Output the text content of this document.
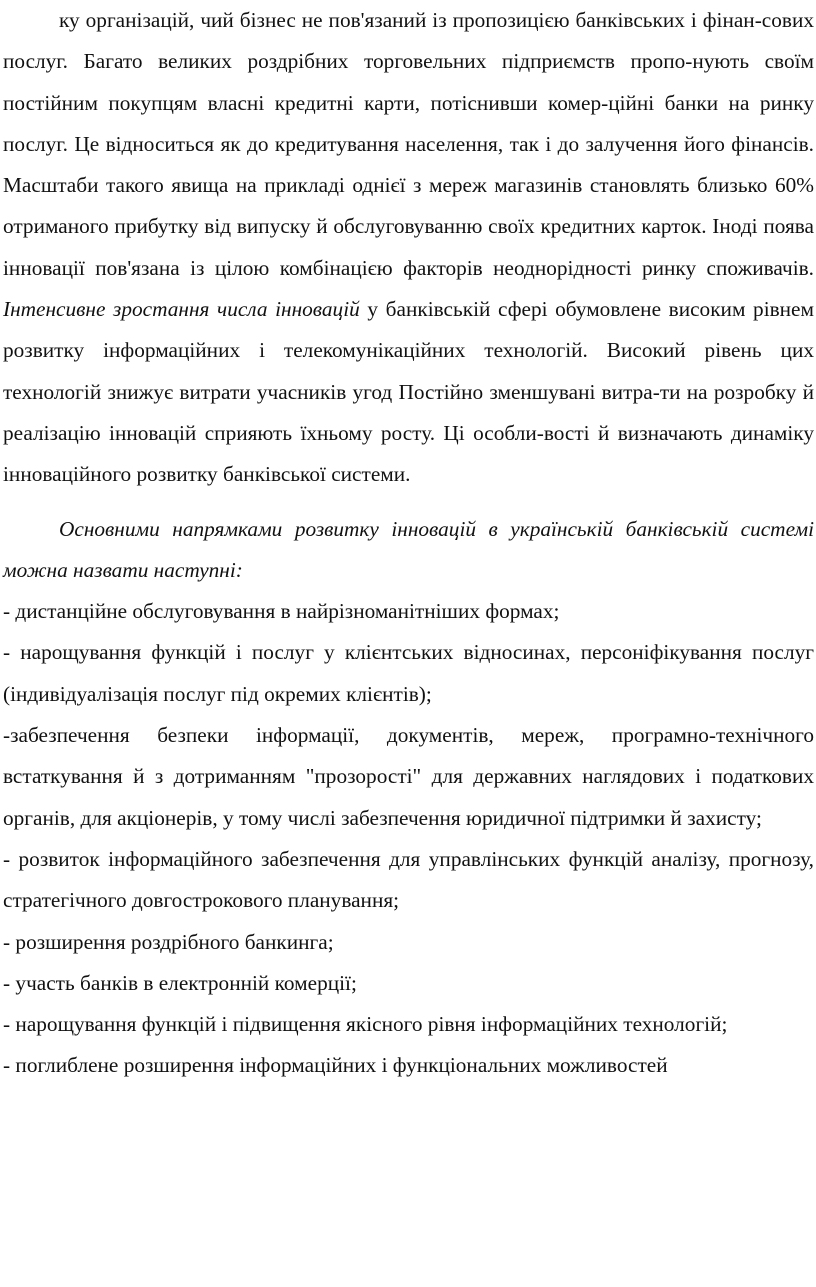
ку організацій, чий бізнес не пов'язаний із пропозицією банківських і фінан-сових послуг. Багато великих роздрібних торговельних підприємств пропо-нують своїм постійним покупцям власні кредитні карти, потіснивши комер-ційні банки на ринку послуг. Це відноситься як до кредитування населення, так і до залучення його фінансів. Масштаби такого явища на прикладі однієї з мереж магазинів становлять близько 60% отриманого прибутку від випуску й обслуговуванню своїх кредитних карток. Іноді поява інновації пов'язана із цілою комбінацією факторів неоднорідності ринку споживачів. Інтенсивне зростання числа інновацій у банківській сфері обумовлене високим рівнем розвитку інформаційних і телекомунікаційних технологій. Високий рівень цих технологій знижує витрати учасників угод Постійно зменшувані витра-ти на розробку й реалізацію інновацій сприяють їхньому росту. Ці особли-вості й визначають динаміку інноваційного розвитку банківської системи.

Основними напрямками розвитку інновацій в українській банківській системі можна назвати наступні:

- дистанційне обслуговування в найрізноманітніших формах;

- нарощування функцій і послуг у клієнтських відносинах, персоніфікування послуг (індивідуалізація послуг під окремих клієнтів);

-забезпечення безпеки інформації, документів, мереж, програмно-технічного встаткування й з дотриманням "прозорості" для державних наглядових і податкових органів, для акціонерів, у тому числі забезпечення юридичної підтримки й захисту;

- розвиток інформаційного забезпечення для управлінських функцій аналізу, прогнозу, стратегічного довгострокового планування;

- розширення роздрібного банкинга;

- участь банків в електронній комерції;

- нарощування функцій і підвищення якісного рівня інформаційних технологій;

- поглиблене розширення інформаційних і функціональних можливостей
